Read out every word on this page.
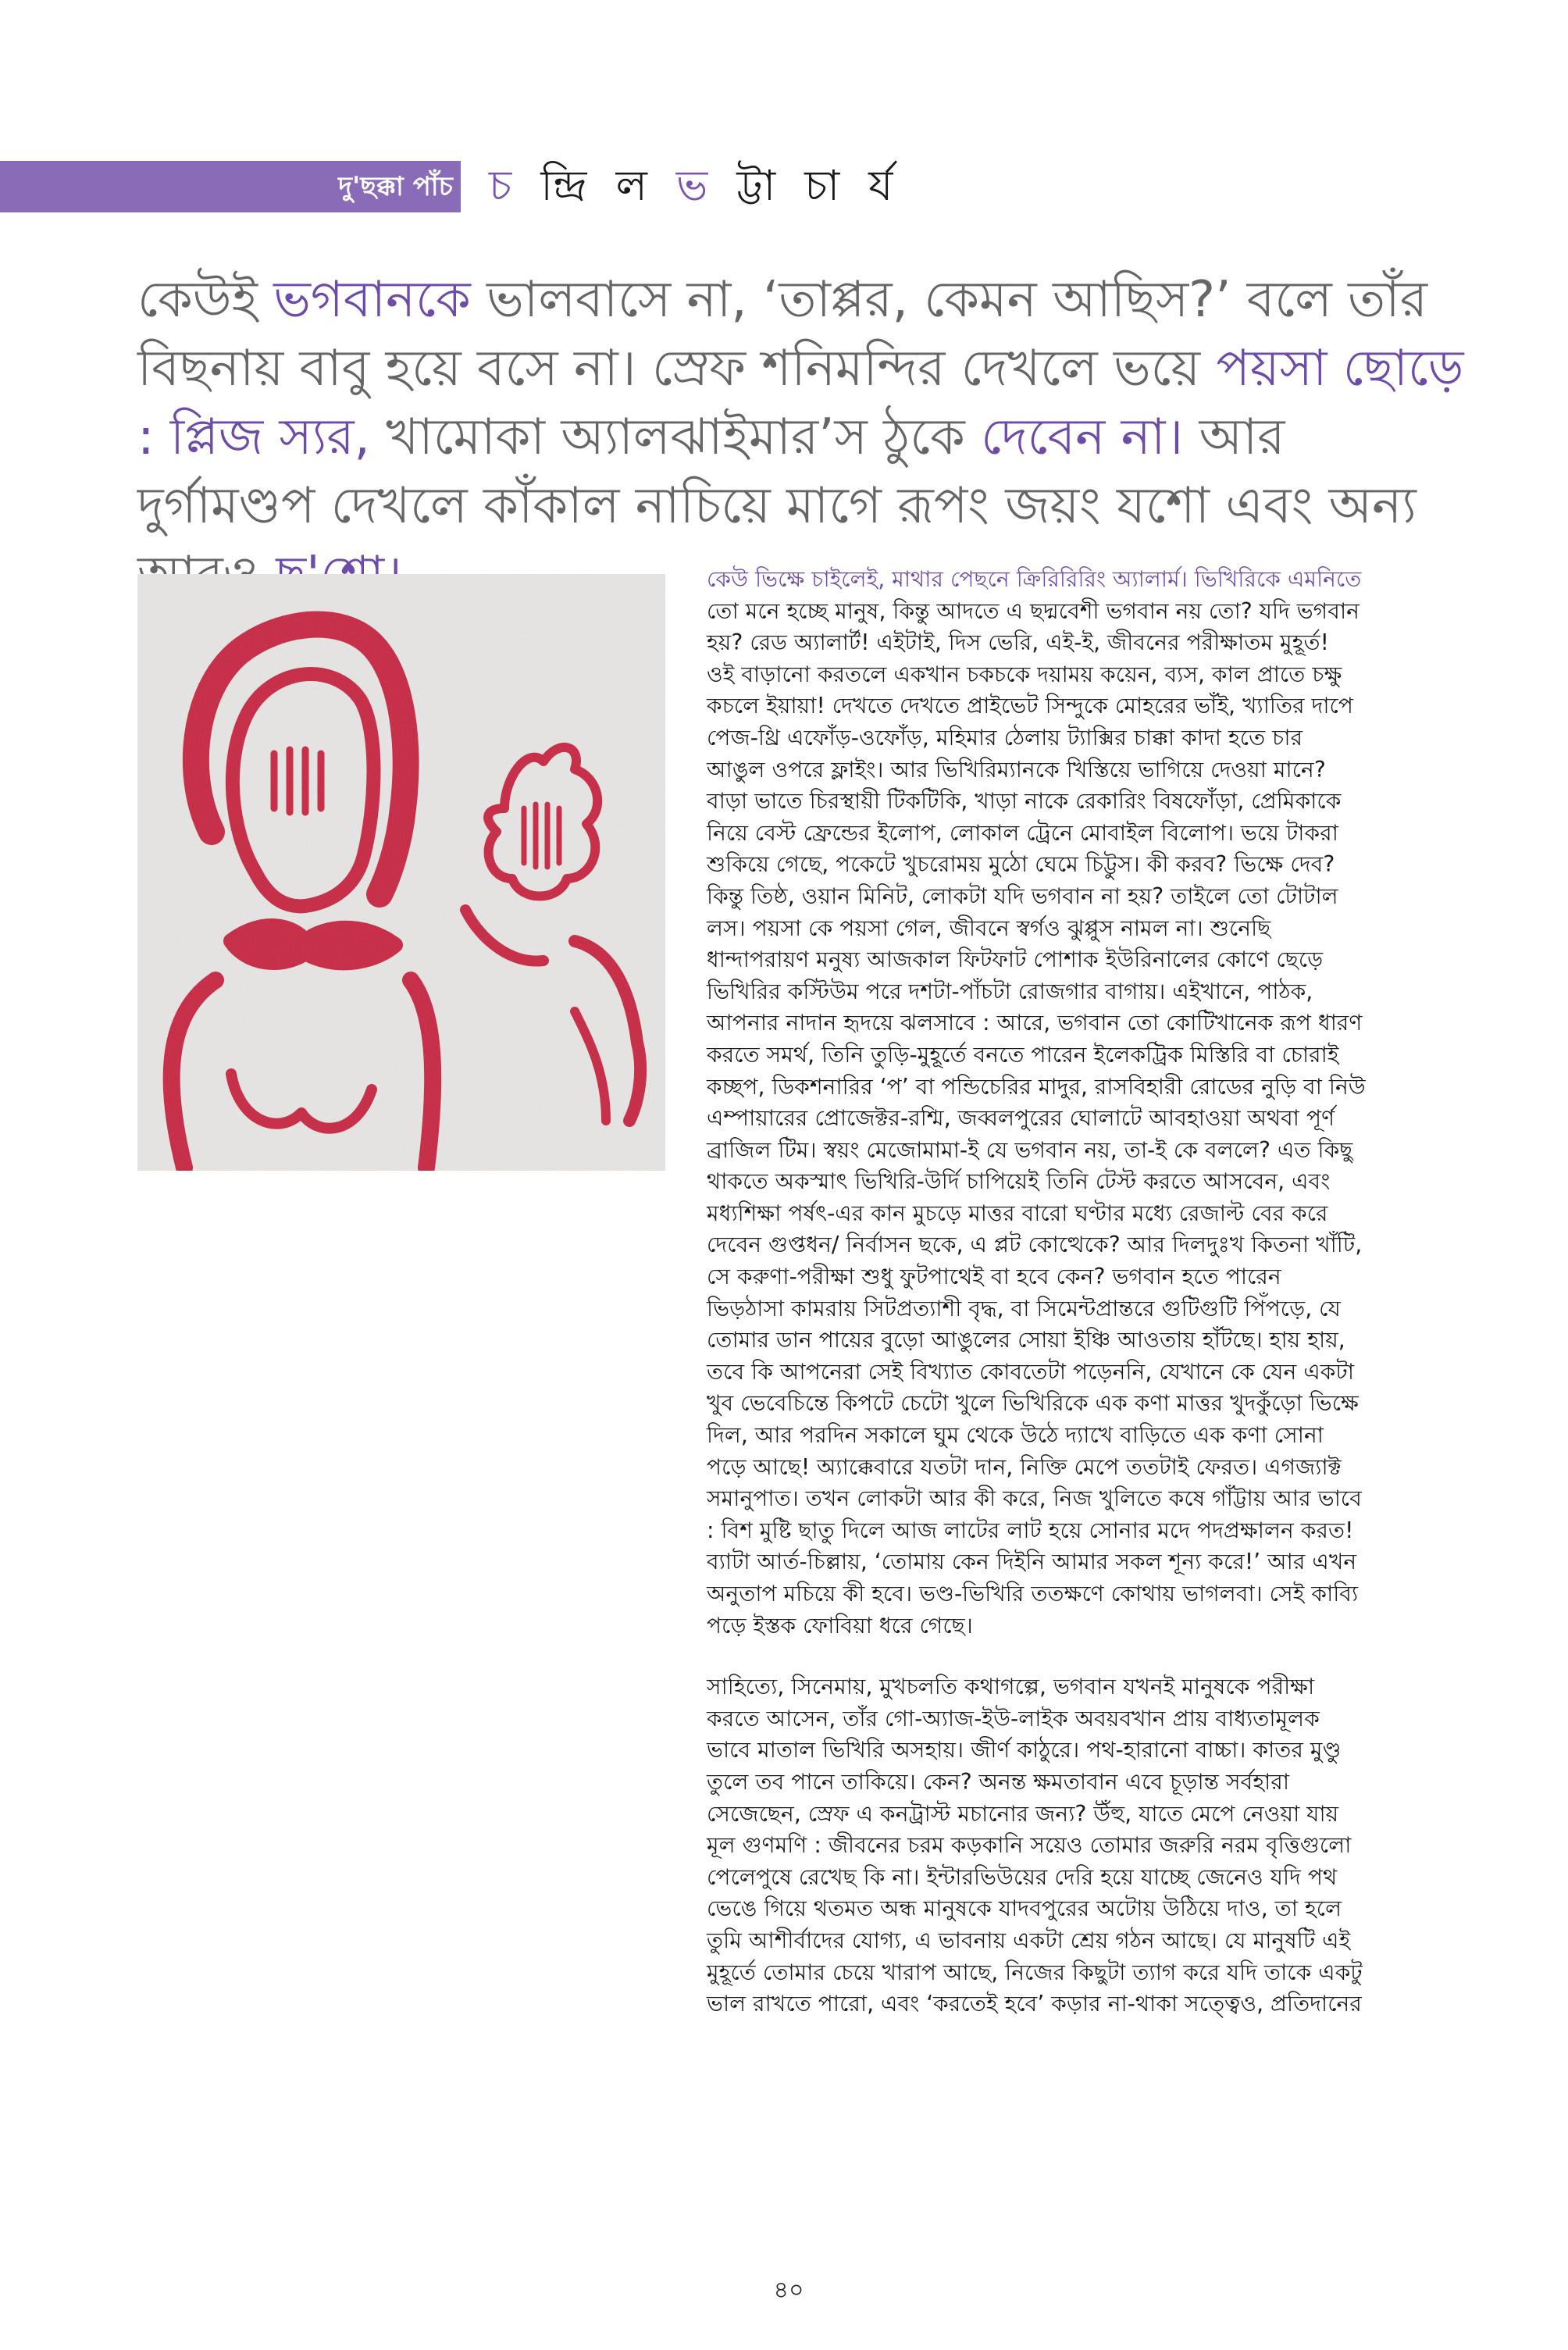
দু'ছক্কা পাঁচ চ ন্দ্রি ল ভ ট্টা চা র্য
কেউই ভগবানকে ভালবাসে না, ‘তাপ্পর, কেমন আছিস?’ বলে তাঁর বিছনায় বাবু হয়ে বসে না। স্রেফ শনিমন্দির দেখলে ভয়ে পয়সা ছোড়ে : প্লিজ স্যর, খামোকা অ্যালঝাইমার’স ঠুকে দেবেন না। আর দুর্গামণ্ডপ দেখলে কাঁকাল নাচিয়ে মাগে রূপং জয়ং যশো এবং অন্য

কেউ ভিক্ষে চাইলেই, মাথার পেছনে ক্রিরিরিরিং অ্যালার্ম। ভিখিরিকে এমনিতে
তো মনে হচ্ছে মানুষ, কিন্তু আদতে এ ছদ্মবেশী ভগবান নয় তো? যদি ভগবান
হয়? রেড অ্যালার্ট! এইটাই, দিস ভেরি, এই-ই, জীবনের পরীক্ষাতম মুহূর্ত!
ওই বাড়ানো করতলে একখান চকচকে দয়াময় কয়েন, ব্যস, কাল প্রাতে চক্ষু
কচলে ইয়ায়া! দেখতে দেখতে প্রাইভেট সিন্দুকে মোহরের ভাঁই, খ্যাতির দাপে
পেজ-থ্রি এফোঁড়-ওফোঁড়, মহিমার ঠেলায় ট্যাক্সির চাক্কা কাদা হতে চার
আঙুল ওপরে ফ্লাইং। আর ভিখিরিম্যানকে খিস্তিয়ে ভাগিয়ে দেওয়া মানে?
বাড়া ভাতে চিরস্থায়ী টিকটিকি, খাড়া নাকে রেকারিং বিষফোঁড়া, প্রেমিকাকে
নিয়ে বেস্ট ফ্রেন্ডের ইলোপ, লোকাল ট্রেনে মোবাইল বিলোপ। ভয়ে টাকরা
শুকিয়ে গেছে, পকেটে খুচরোময় মুঠো ঘেমে চিট্টুস। কী করব? ভিক্ষে দেব?
কিন্তু তিষ্ঠ, ওয়ান মিনিট, লোকটা যদি ভগবান না হয়? তাইলে তো টোটাল
লস। পয়সা কে পয়সা গেল, জীবনে স্বর্গও ঝুপ্পুস নামল না। শুনেছি
ধান্দাপরায়ণ মনুষ্য আজকাল ফিটফাট পোশাক ইউরিনালের কোণে ছেড়ে
ভিখিরির কস্টিউম পরে দশটা-পাঁচটা রোজগার বাগায়। এইখানে, পাঠক,
আপনার নাদান হৃদয়ে ঝলসাবে : আরে, ভগবান তো কোটিখানেক রূপ ধারণ
করতে সমর্থ, তিনি তুড়ি-মুহূর্তে বনতে পারেন ইলেকট্রিক মিস্তিরি বা চোরাই
কচ্ছপ, ডিকশনারির ‘প’ বা পন্ডিচেরির মাদুর, রাসবিহারী রোডের নুড়ি বা নিউ
এম্পায়ারের প্রোজেক্টর-রশ্মি, জব্বলপুরের ঘোলাটে আবহাওয়া অথবা পূর্ণ
ব্রাজিল টিম। স্বয়ং মেজোমামা-ই যে ভগবান নয়, তা-ই কে বললে? এত কিছু
থাকতে অকস্মাৎ ভিখিরি-উর্দি চাপিয়েই তিনি টেস্ট করতে আসবেন, এবং
মধ্যশিক্ষা পর্ষৎ-এর কান মুচড়ে মাত্তর বারো ঘণ্টার মধ্যে রেজাল্ট বের করে
দেবেন গুপ্তধন/ নির্বাসন ছকে, এ প্লট কোত্থেকে? আর দিলদুঃখ কিতনা খাঁটি,
সে করুণা-পরীক্ষা শুধু ফুটপাথেই বা হবে কেন? ভগবান হতে পারেন
ভিড়ঠাসা কামরায় সিটপ্রত্যাশী বৃদ্ধ, বা সিমেন্টপ্রান্তরে গুটিগুটি পিঁপড়ে, যে
তোমার ডান পায়ের বুড়ো আঙুলের সোয়া ইঞ্চি আওতায় হাঁটছে। হায় হায়,
তবে কি আপনেরা সেই বিখ্যাত কোবতেটা পড়েননি, যেখানে কে যেন একটা
খুব ভেবেচিন্তে কিপটে চেটো খুলে ভিখিরিকে এক কণা মাত্তর খুদকুঁড়ো ভিক্ষে
দিল, আর পরদিন সকালে ঘুম থেকে উঠে দ্যাখে বাড়িতে এক কণা সোনা
পড়ে আছে! অ্যাক্কেবারে যতটা দান, নিক্তি মেপে ততটাই ফেরত। এগজ্যাক্ট
সমানুপাত। তখন লোকটা আর কী করে, নিজ খুলিতে কষে গাঁট্টায় আর ভাবে
: বিশ মুষ্টি ছাতু দিলে আজ লাটের লাট হয়ে সোনার মদে পদপ্রক্ষালন করত!
ব্যাটা আর্ত-চিল্লায়, ‘তোমায় কেন দিইনি আমার সকল শূন্য করে!’ আর এখন
অনুতাপ মচিয়ে কী হবে। ভণ্ড-ভিখিরি ততক্ষণে কোথায় ভাগলবা। সেই কাব্যি
পড়ে ইস্তক ফোবিয়া ধরে গেছে।

সাহিত্যে, সিনেমায়, মুখচলতি কথাগল্পে, ভগবান যখনই মানুষকে পরীক্ষা
করতে আসেন, তাঁর গো-অ্যাজ-ইউ-লাইক অবয়বখান প্রায় বাধ্যতামূলক
ভাবে মাতাল ভিখিরি অসহায়। জীর্ণ কাঠুরে। পথ-হারানো বাচ্চা। কাতর মুণ্ডু
তুলে তব পানে তাকিয়ে। কেন? অনন্ত ক্ষমতাবান এবে চূড়ান্ত সর্বহারা
সেজেছেন, স্রেফ এ কনট্রাস্ট মচানোর জন্য? উঁহু, যাতে মেপে নেওয়া যায়
মূল গুণমণি : জীবনের চরম কড়কানি সয়েও তোমার জরুরি নরম বৃত্তিগুলো
পেলেপুষে রেখেছ কি না। ইন্টারভিউয়ের দেরি হয়ে যাচ্ছে জেনেও যদি পথ
ভেঙে গিয়ে থতমত অন্ধ মানুষকে যাদবপুরের অটোয় উঠিয়ে দাও, তা হলে
তুমি আশীর্বাদের যোগ্য, এ ভাবনায় একটা শ্রেয় গঠন আছে। যে মানুষটি এই
মুহূর্তে তোমার চেয়ে খারাপ আছে, নিজের কিছুটা ত্যাগ করে যদি তাকে একটু
ভাল রাখতে পারো, এবং ‘করতেই হবে’ কড়ার না-থাকা সত্ত্বেও, প্রতিদানের

৪০
